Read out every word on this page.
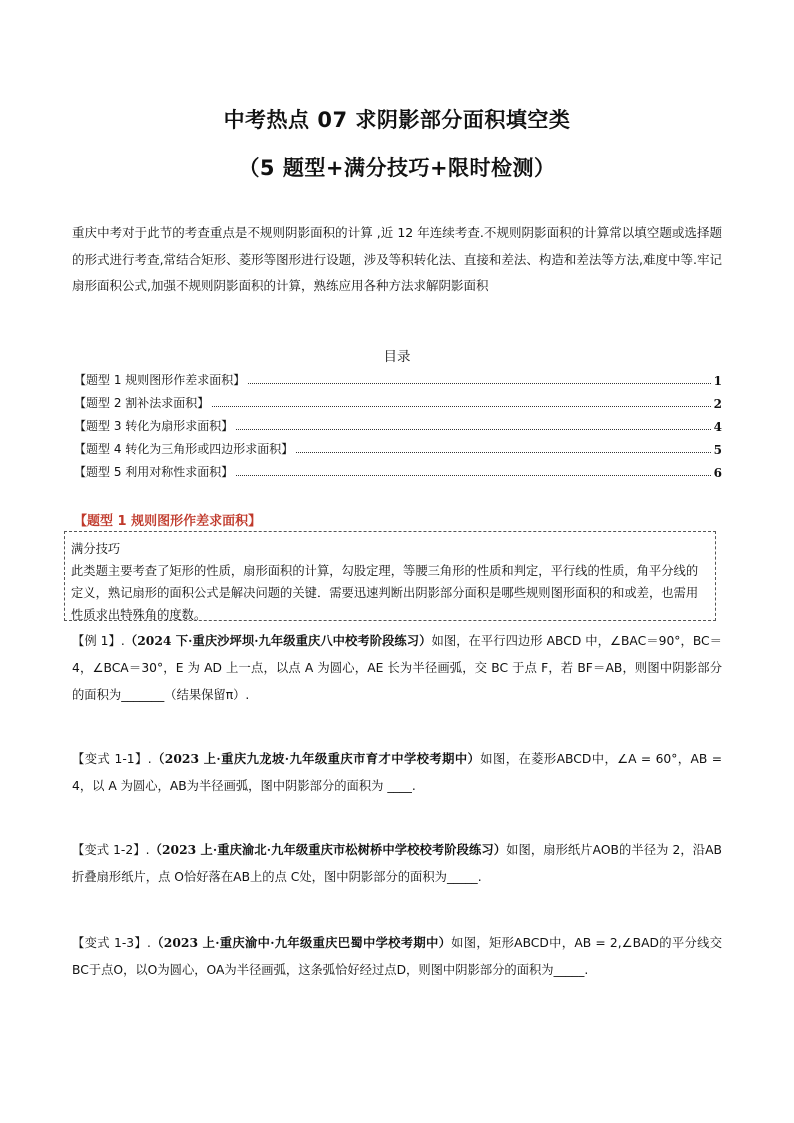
中考热点 07 求阴影部分面积填空类
（5 题型+满分技巧+限时检测）
重庆中考对于此节的考查重点是不规则阴影面积的计算 ,近 12 年连续考查.不规则阴影面积的计算常以填空题或选择题的形式进行考查,常结合矩形、菱形等图形进行设题，涉及等积转化法、直接和差法、构造和差法等方法,难度中等.牢记扇形面积公式,加强不规则阴影面积的计算，熟练应用各种方法求解阴影面积
目录
【题型 1 规则图形作差求面积】	1
【题型 2 割补法求面积】	2
【题型 3 转化为扇形求面积】	4
【题型 4 转化为三角形或四边形求面积】	5
【题型 5 利用对称性求面积】	6
【题型 1 规则图形作差求面积】
满分技巧
此类题主要考查了矩形的性质，扇形面积的计算，勾股定理，等腰三角形的性质和判定，平行线的性质，角平分线的定义，熟记扇形的面积公式是解决问题的关键．需要迅速判断出阴影部分面积是哪些规则图形面积的和或差，也需用性质求出特殊角的度数。
【例 1】.（2024 下·重庆沙坪坝·九年级重庆八中校考阶段练习）如图，在平行四边形 ABCD 中，∠BAC＝90°，BC＝4，∠BCA＝30°，E 为 AD 上一点，以点 A 为圆心，AE 长为半径画弧，交 BC 于点 F，若 BF＝AB，则图中阴影部分的面积为_______（结果保留π）.
【变式 1-1】.（2023 上·重庆九龙坡·九年级重庆市育才中学校考期中）如图，在菱形ABCD中，∠A = 60°，AB = 4，以 A 为圆心，AB为半径画弧，图中阴影部分的面积为 ____.
【变式 1-2】.（2023 上·重庆渝北·九年级重庆市松树桥中学校校考阶段练习）如图，扇形纸片AOB的半径为 2，沿AB折叠扇形纸片，点 O恰好落在AB上的点 C处，图中阴影部分的面积为_____.
【变式 1-3】.（2023 上·重庆渝中·九年级重庆巴蜀中学校考期中）如图，矩形ABCD中，AB = 2,∠BAD的平分线交BC于点O，以O为圆心，OA为半径画弧，这条弧恰好经过点D，则图中阴影部分的面积为_____.
